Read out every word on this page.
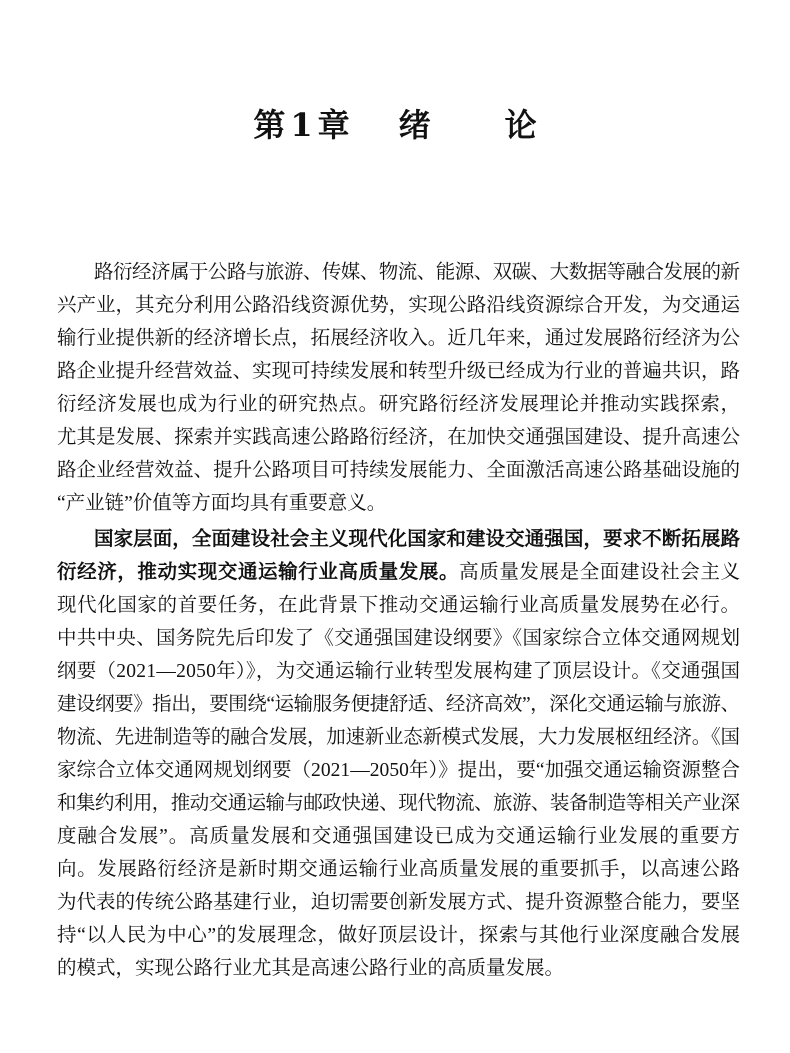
第1章 绪论
路衍经济属于公路与旅游、传媒、物流、能源、双碳、大数据等融合发展的新
兴产业，其充分利用公路沿线资源优势，实现公路沿线资源综合开发，为交通运
输行业提供新的经济增长点，拓展经济收入。近几年来，通过发展路衍经济为公
路企业提升经营效益、实现可持续发展和转型升级已经成为行业的普遍共识，路
衍经济发展也成为行业的研究热点。研究路衍经济发展理论并推动实践探索，
尤其是发展、探索并实践高速公路路衍经济，在加快交通强国建设、提升高速公
路企业经营效益、提升公路项目可持续发展能力、全面激活高速公路基础设施的
“产业链”价值等方面均具有重要意义。
国家层面，全面建设社会主义现代化国家和建设交通强国，要求不断拓展路
衍经济，推动实现交通运输行业高质量发展。高质量发展是全面建设社会主义
现代化国家的首要任务，在此背景下推动交通运输行业高质量发展势在必行。
中共中央、国务院先后印发了《交通强国建设纲要》《国家综合立体交通网规划
纲要（2021—2050年）》，为交通运输行业转型发展构建了顶层设计。《交通强国
建设纲要》指出，要围绕“运输服务便捷舒适、经济高效”，深化交通运输与旅游、
物流、先进制造等的融合发展，加速新业态新模式发展，大力发展枢纽经济。《国
家综合立体交通网规划纲要（2021—2050年）》提出，要“加强交通运输资源整合
和集约利用，推动交通运输与邮政快递、现代物流、旅游、装备制造等相关产业深
度融合发展”。高质量发展和交通强国建设已成为交通运输行业发展的重要方
向。发展路衍经济是新时期交通运输行业高质量发展的重要抓手，以高速公路
为代表的传统公路基建行业，迫切需要创新发展方式、提升资源整合能力，要坚
持“以人民为中心”的发展理念，做好顶层设计，探索与其他行业深度融合发展
的模式，实现公路行业尤其是高速公路行业的高质量发展。
